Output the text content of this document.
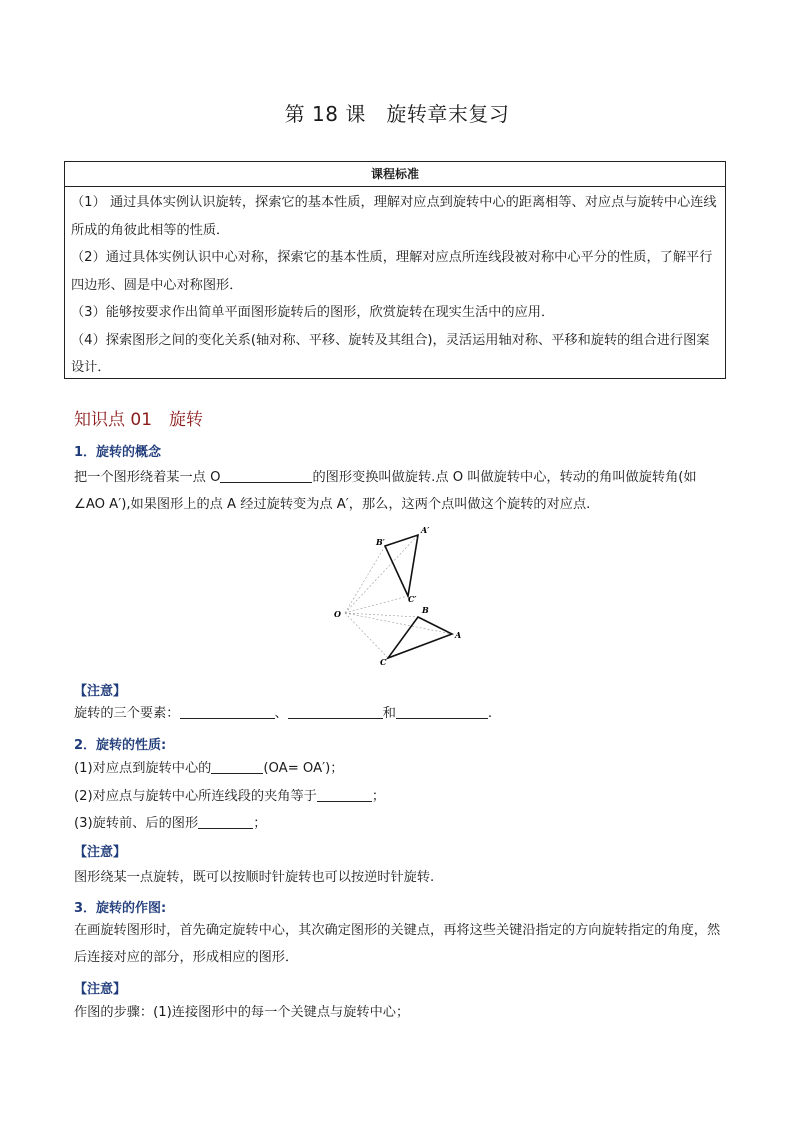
第 18 课　旋转章末复习
课程标准

（1） 通过具体实例认识旋转，探索它的基本性质，理解对应点到旋转中心的距离相等、对应点与旋转中心连线所成的角彼此相等的性质．

（2）通过具体实例认识中心对称，探索它的基本性质，理解对应点所连线段被对称中心平分的性质，了解平行四边形、圆是中心对称图形．

（3）能够按要求作出简单平面图形旋转后的图形，欣赏旋转在现实生活中的应用．

（4）探索图形之间的变化关系(轴对称、平移、旋转及其组合)，灵活运用轴对称、平移和旋转的组合进行图案设计．

知识点 01　旋转
1．旋转的概念
把一个图形绕着某一点 O	的图形变换叫做旋转.点 O 叫做旋转中心，转动的角叫做旋转角(如∠AO A′),如果图形上的点 A 经过旋转变为点 A′，那么，这两个点叫做这个旋转的对应点.
O
A
B
C
A′
B′
C′
【注意】
旋转的三个要素：	、	和	.
2．旋转的性质:
(1)对应点到旋转中心的	(OA= OA′)；
(2)对应点与旋转中心所连线段的夹角等于	；
(3)旋转前、后的图形	；
【注意】
图形绕某一点旋转，既可以按顺时针旋转也可以按逆时针旋转.
3．旋转的作图:
在画旋转图形时，首先确定旋转中心，其次确定图形的关键点，再将这些关键沿指定的方向旋转指定的角度，然后连接对应的部分，形成相应的图形．
【注意】
作图的步骤：(1)连接图形中的每一个关键点与旋转中心；
